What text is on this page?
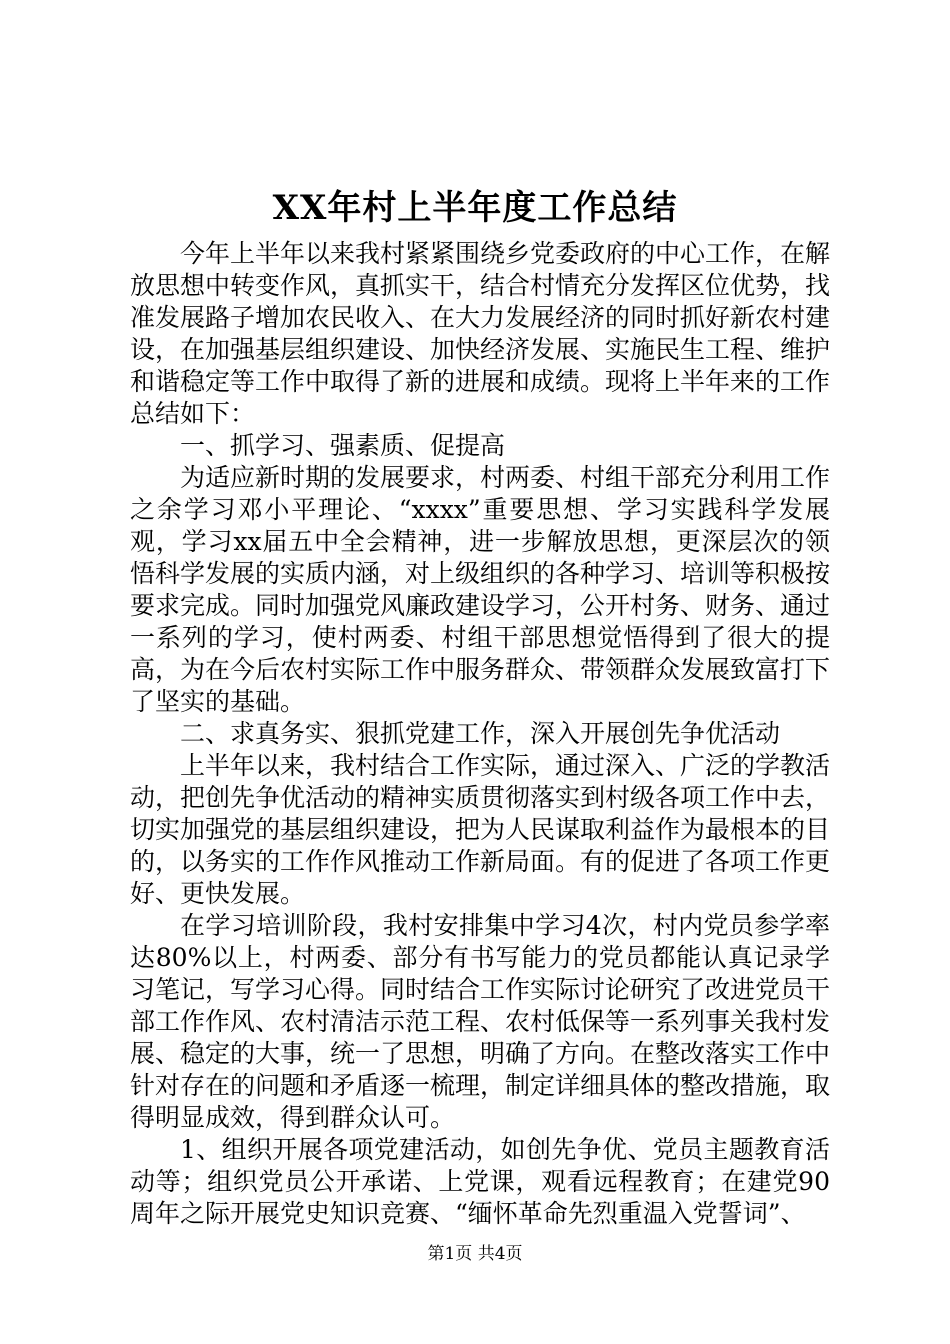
XX年村上半年度工作总结

今年上半年以来我村紧紧围绕乡党委政府的中心工作，在解放思想中转变作风，真抓实干，结合村情充分发挥区位优势，找准发展路子增加农民收入、在大力发展经济的同时抓好新农村建设，在加强基层组织建设、加快经济发展、实施民生工程、维护和谐稳定等工作中取得了新的进展和成绩。现将上半年来的工作总结如下：

一、抓学习、强素质、促提高

为适应新时期的发展要求，村两委、村组干部充分利用工作之余学习邓小平理论、“xxxx”重要思想、学习实践科学发展观，学习xx届五中全会精神，进一步解放思想，更深层次的领悟科学发展的实质内涵，对上级组织的各种学习、培训等积极按要求完成。同时加强党风廉政建设学习，公开村务、财务、通过一系列的学习，使村两委、村组干部思想觉悟得到了很大的提高，为在今后农村实际工作中服务群众、带领群众发展致富打下了坚实的基础。

二、求真务实、狠抓党建工作，深入开展创先争优活动

上半年以来，我村结合工作实际，通过深入、广泛的学教活动，把创先争优活动的精神实质贯彻落实到村级各项工作中去，切实加强党的基层组织建设，把为人民谋取利益作为最根本的目的，以务实的工作作风推动工作新局面。有的促进了各项工作更好、更快发展。

在学习培训阶段，我村安排集中学习4次，村内党员参学率达80%以上，村两委、部分有书写能力的党员都能认真记录学习笔记，写学习心得。同时结合工作实际讨论研究了改进党员干部工作作风、农村清洁示范工程、农村低保等一系列事关我村发展、稳定的大事，统一了思想，明确了方向。在整改落实工作中针对存在的问题和矛盾逐一梳理，制定详细具体的整改措施，取得明显成效，得到群众认可。

1、组织开展各项党建活动，如创先争优、党员主题教育活动等；组织党员公开承诺、上党课，观看远程教育；在建党90周年之际开展党史知识竞赛、“缅怀革命先烈重温入党誓词”、

第1页 共4页
